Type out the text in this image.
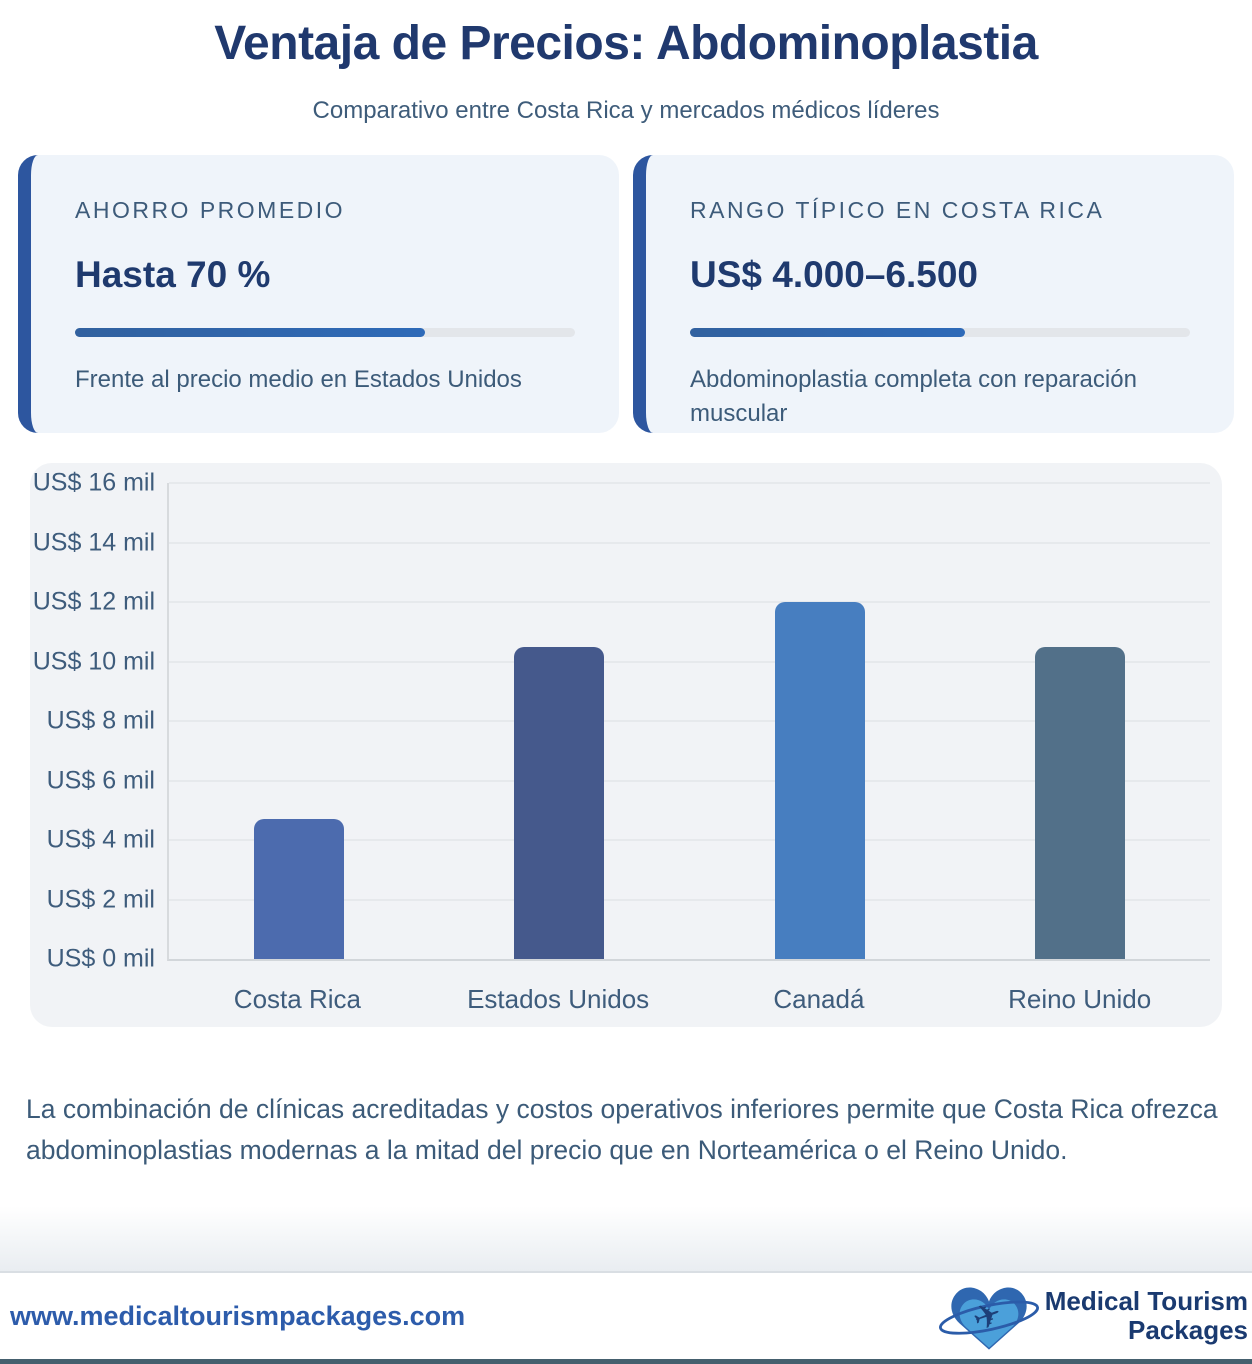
Ventaja de Precios: Abdominoplastia
Comparativo entre Costa Rica y mercados médicos líderes
AHORRO PROMEDIO
Hasta 70 %
Frente al precio medio en Estados Unidos
RANGO TÍPICO EN COSTA RICA
US$ 4.000–6.500
Abdominoplastia completa con reparación muscular
US$ 0 mil
US$ 2 mil
US$ 4 mil
US$ 6 mil
US$ 8 mil
US$ 10 mil
US$ 12 mil
US$ 14 mil
US$ 16 mil
Costa Rica	Estados Unidos	Canadá	Reino Unido

La combinación de clínicas acreditadas y costos operativos inferiores permite que Costa Rica ofrezca abdominoplastias modernas a la mitad del precio que en Norteamérica o el Reino Unido.

www.medicaltourismpackages.com	✈ Medical Tourism
Packages
